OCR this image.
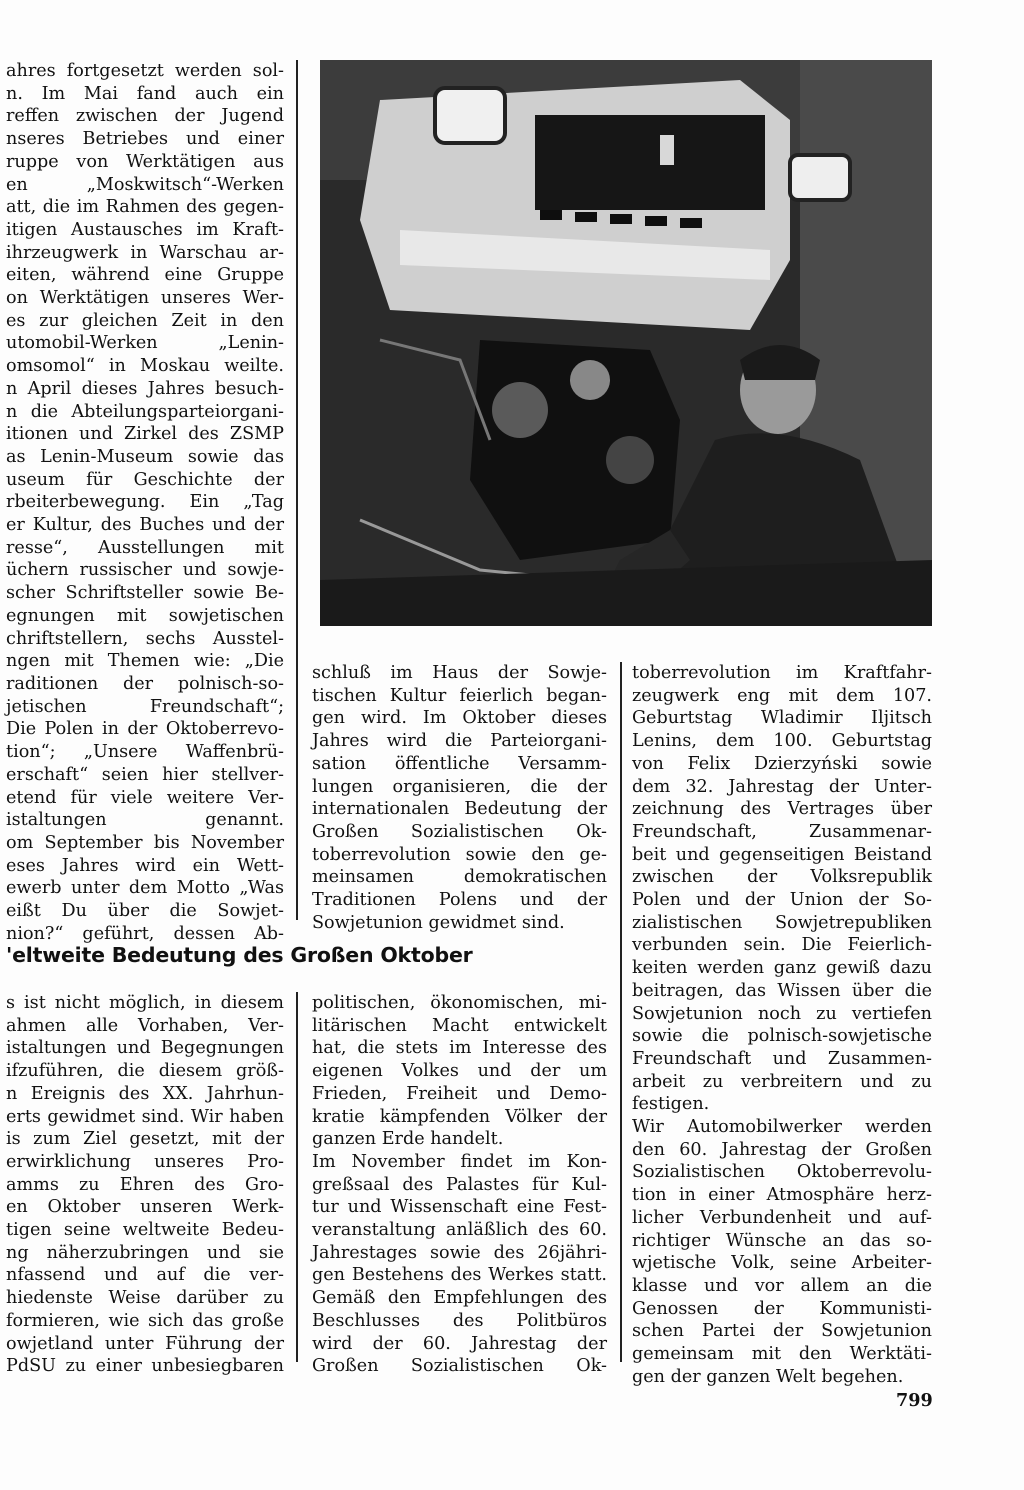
ahres fortgesetzt werden sol-
n. Im Mai fand auch ein
reffen zwischen der Jugend
nseres Betriebes und einer
ruppe von Werktätigen aus
en „Moskwitsch“-Werken
att, die im Rahmen des gegen-
itigen Austausches im Kraft-
ihrzeugwerk in Warschau ar-
eiten, während eine Gruppe
on Werktätigen unseres Wer-
es zur gleichen Zeit in den
utomobil-Werken „Lenin-
omsomol“ in Moskau weilte.
n April dieses Jahres besuch-
n die Abteilungsparteiorgani-
itionen und Zirkel des ZSMP
as Lenin-Museum sowie das
useum für Geschichte der
rbeiterbewegung. Ein „Tag
er Kultur, des Buches und der
resse“, Ausstellungen mit
üchern russischer und sowje-
scher Schriftsteller sowie Be-
egnungen mit sowjetischen
chriftstellern, sechs Ausstel-
ngen mit Themen wie: „Die
raditionen der polnisch-so-
jetischen Freundschaft“;
Die Polen in der Oktoberrevo-
tion“; „Unsere Waffenbrü-
erschaft“ seien hier stellver-
etend für viele weitere Ver-
istaltungen genannt.
om September bis November
eses Jahres wird ein Wett-
ewerb unter dem Motto „Was
eißt Du über die Sowjet-
nion?“ geführt, dessen Ab-
schluß im Haus der Sowje-
tischen Kultur feierlich began-
gen wird. Im Oktober dieses
Jahres wird die Parteiorgani-
sation öffentliche Versamm-
lungen organisieren, die der
internationalen Bedeutung der
Großen Sozialistischen Ok-
toberrevolution sowie den ge-
meinsamen demokratischen
Traditionen Polens und der
Sowjetunion gewidmet sind.
toberrevolution im Kraftfahr-
zeugwerk eng mit dem 107.
Geburtstag Wladimir Iljitsch
Lenins, dem 100. Geburtstag
von Felix Dzierzyński sowie
dem 32. Jahrestag der Unter-
zeichnung des Vertrages über
Freundschaft, Zusammenar-
beit und gegenseitigen Beistand
zwischen der Volksrepublik
Polen und der Union der So-
zialistischen Sowjetrepubliken
verbunden sein. Die Feierlich-
keiten werden ganz gewiß dazu
beitragen, das Wissen über die
Sowjetunion noch zu vertiefen
sowie die polnisch-sowjetische
Freundschaft und Zusammen-
arbeit zu verbreitern und zu
festigen.
Wir Automobilwerker werden
den 60. Jahrestag der Großen
Sozialistischen Oktoberrevolu-
tion in einer Atmosphäre herz-
licher Verbundenheit und auf-
richtiger Wünsche an das so-
wjetische Volk, seine Arbeiter-
klasse und vor allem an die
Genossen der Kommunisti-
schen Partei der Sowjetunion
gemeinsam mit den Werktäti-
gen der ganzen Welt begehen.
'eltweite Bedeutung des Großen Oktober
s ist nicht möglich, in diesem
ahmen alle Vorhaben, Ver-
istaltungen und Begegnungen
ifzuführen, die diesem größ-
n Ereignis des XX. Jahrhun-
erts gewidmet sind. Wir haben
is zum Ziel gesetzt, mit der
erwirklichung unseres Pro-
amms zu Ehren des Gro-
en Oktober unseren Werk-
tigen seine weltweite Bedeu-
ng näherzubringen und sie
nfassend und auf die ver-
hiedenste Weise darüber zu
formieren, wie sich das große
owjetland unter Führung der
PdSU zu einer unbesiegbaren
politischen, ökonomischen, mi-
litärischen Macht entwickelt
hat, die stets im Interesse des
eigenen Volkes und der um
Frieden, Freiheit und Demo-
kratie kämpfenden Völker der
ganzen Erde handelt.
Im November findet im Kon-
greßsaal des Palastes für Kul-
tur und Wissenschaft eine Fest-
veranstaltung anläßlich des 60.
Jahrestages sowie des 26jähri-
gen Bestehens des Werkes statt.
Gemäß den Empfehlungen des
Beschlusses des Politbüros
wird der 60. Jahrestag der
Großen Sozialistischen Ok-
799
